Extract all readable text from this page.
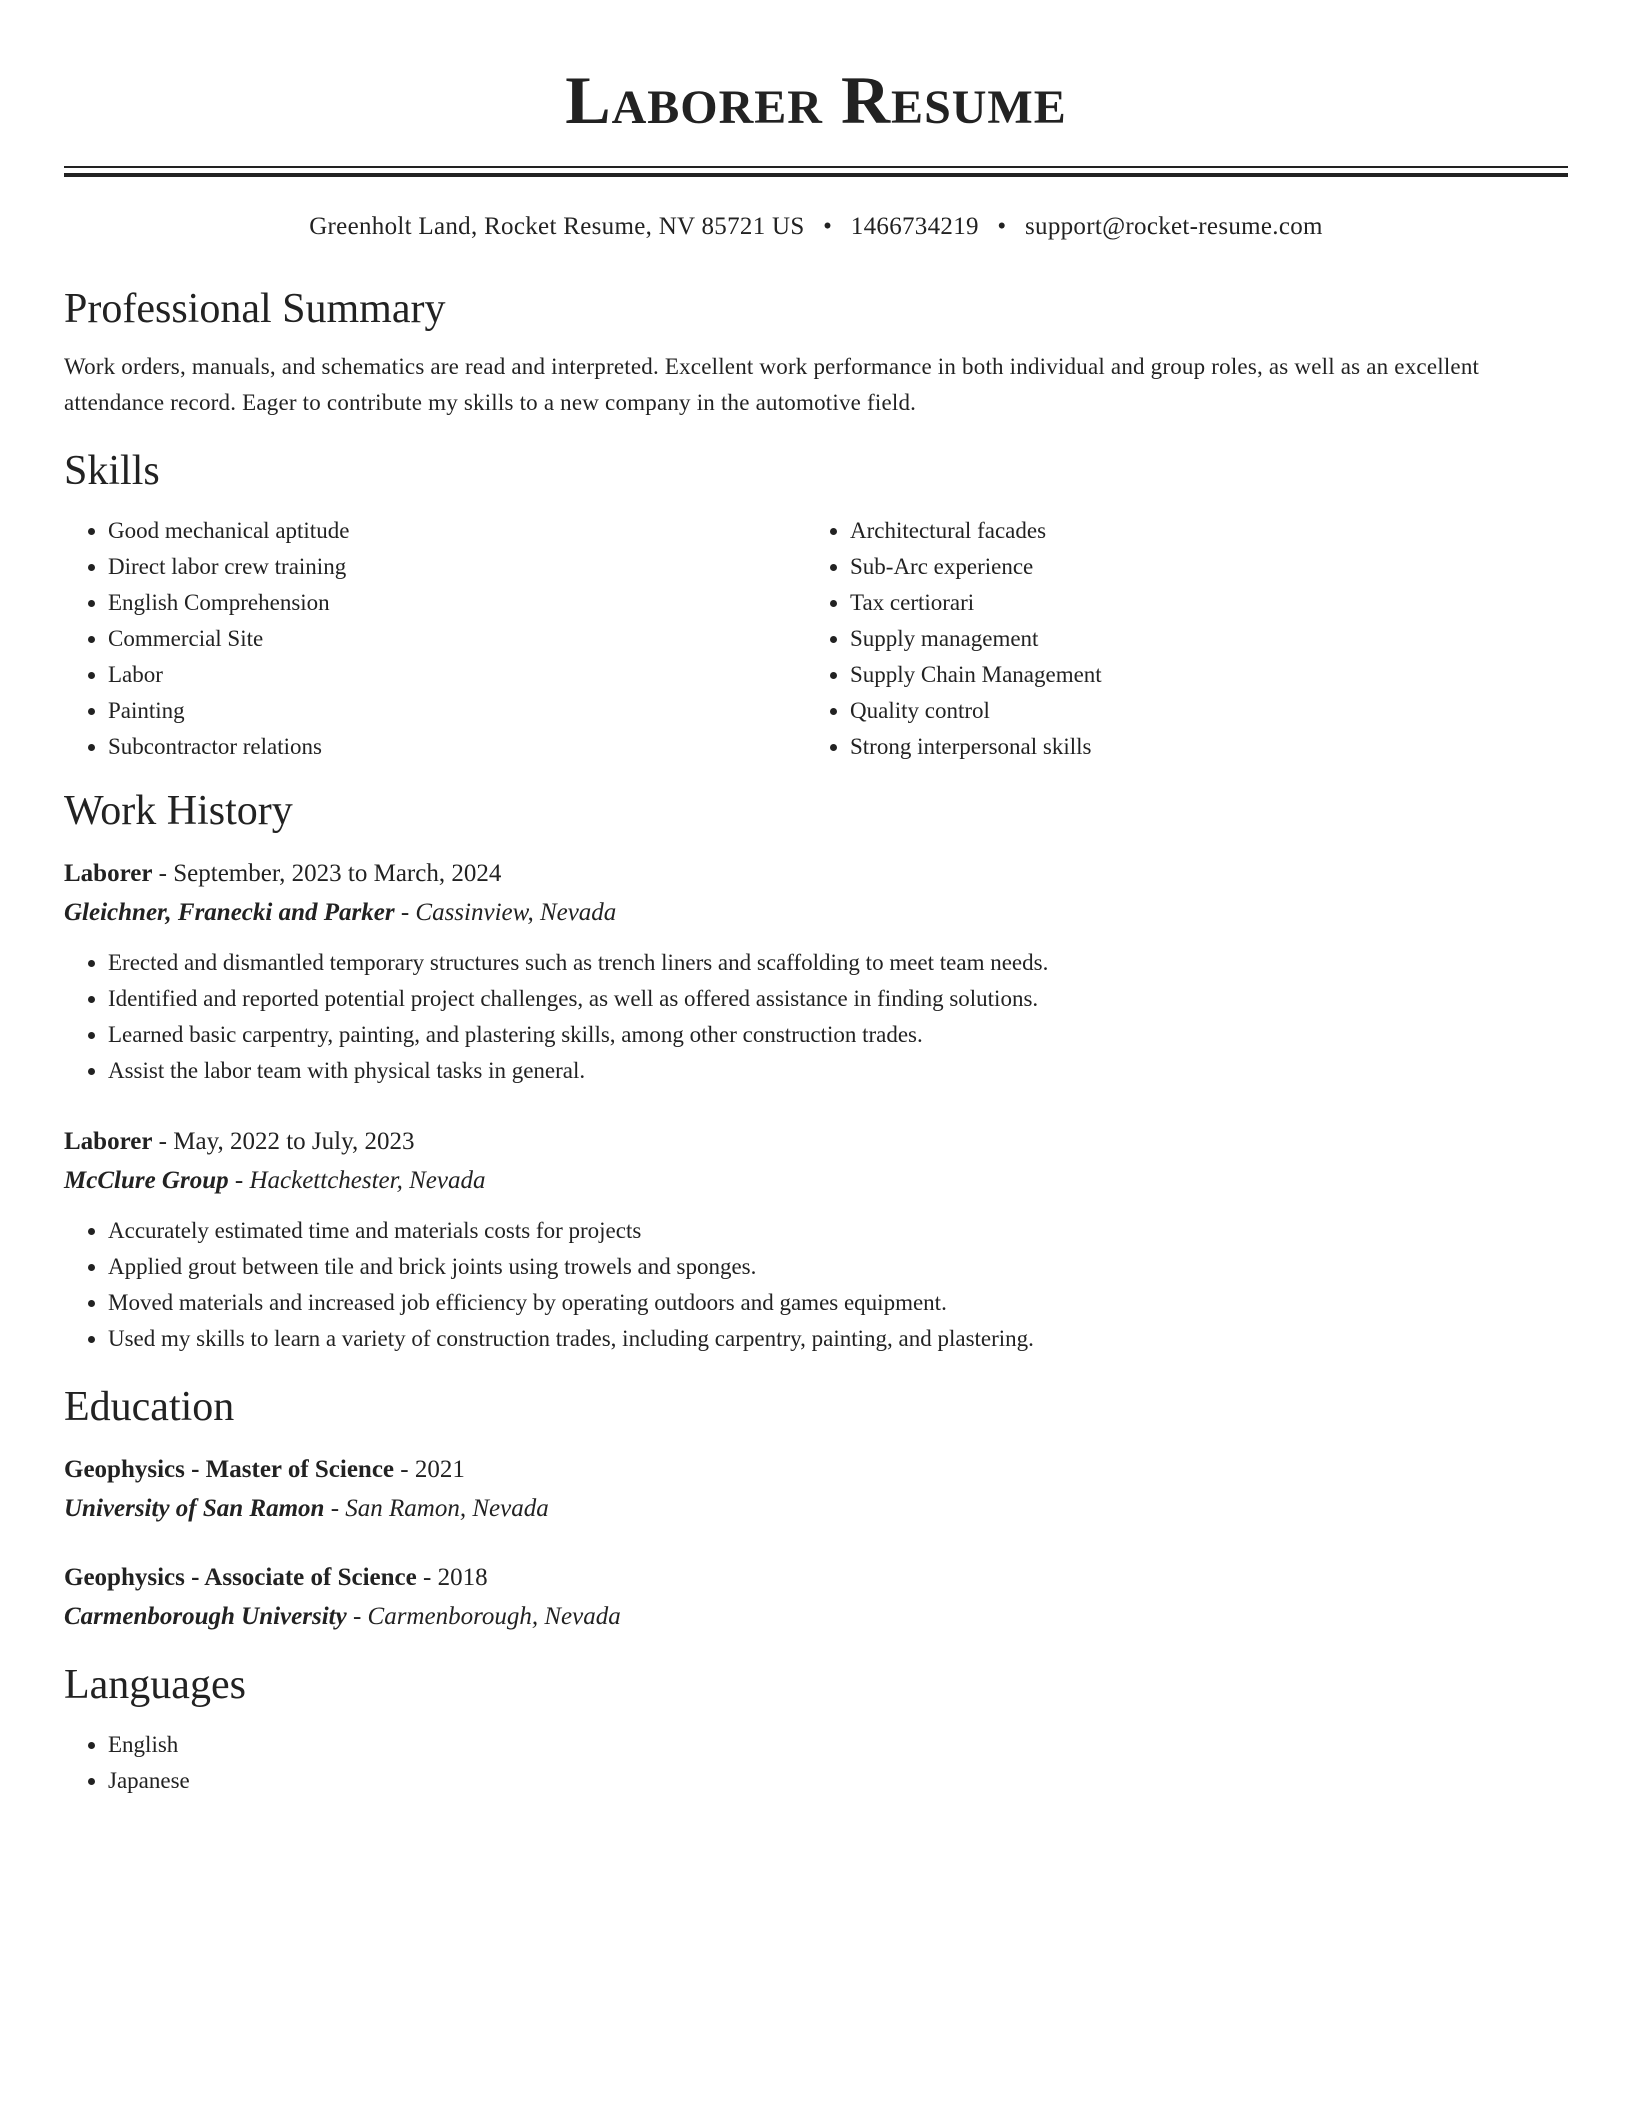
Laborer Resume
Greenholt Land, Rocket Resume, NV 85721 US • 1466734219 • support@rocket-resume.com
Professional Summary
Work orders, manuals, and schematics are read and interpreted. Excellent work performance in both individual and group roles, as well as an excellent attendance record. Eager to contribute my skills to a new company in the automotive field.
Skills
• Good mechanical aptitude
• Direct labor crew training
• English Comprehension
• Commercial Site
• Labor
• Painting
• Subcontractor relations
• Architectural facades
• Sub-Arc experience
• Tax certiorari
• Supply management
• Supply Chain Management
• Quality control
• Strong interpersonal skills
Work History
Laborer - September, 2023 to March, 2024
Gleichner, Franecki and Parker - Cassinview, Nevada
• Erected and dismantled temporary structures such as trench liners and scaffolding to meet team needs.
• Identified and reported potential project challenges, as well as offered assistance in finding solutions.
• Learned basic carpentry, painting, and plastering skills, among other construction trades.
• Assist the labor team with physical tasks in general.
Laborer - May, 2022 to July, 2023
McClure Group - Hackettchester, Nevada
• Accurately estimated time and materials costs for projects
• Applied grout between tile and brick joints using trowels and sponges.
• Moved materials and increased job efficiency by operating outdoors and games equipment.
• Used my skills to learn a variety of construction trades, including carpentry, painting, and plastering.
Education
Geophysics - Master of Science - 2021
University of San Ramon - San Ramon, Nevada
Geophysics - Associate of Science - 2018
Carmenborough University - Carmenborough, Nevada
Languages
• English
• Japanese
